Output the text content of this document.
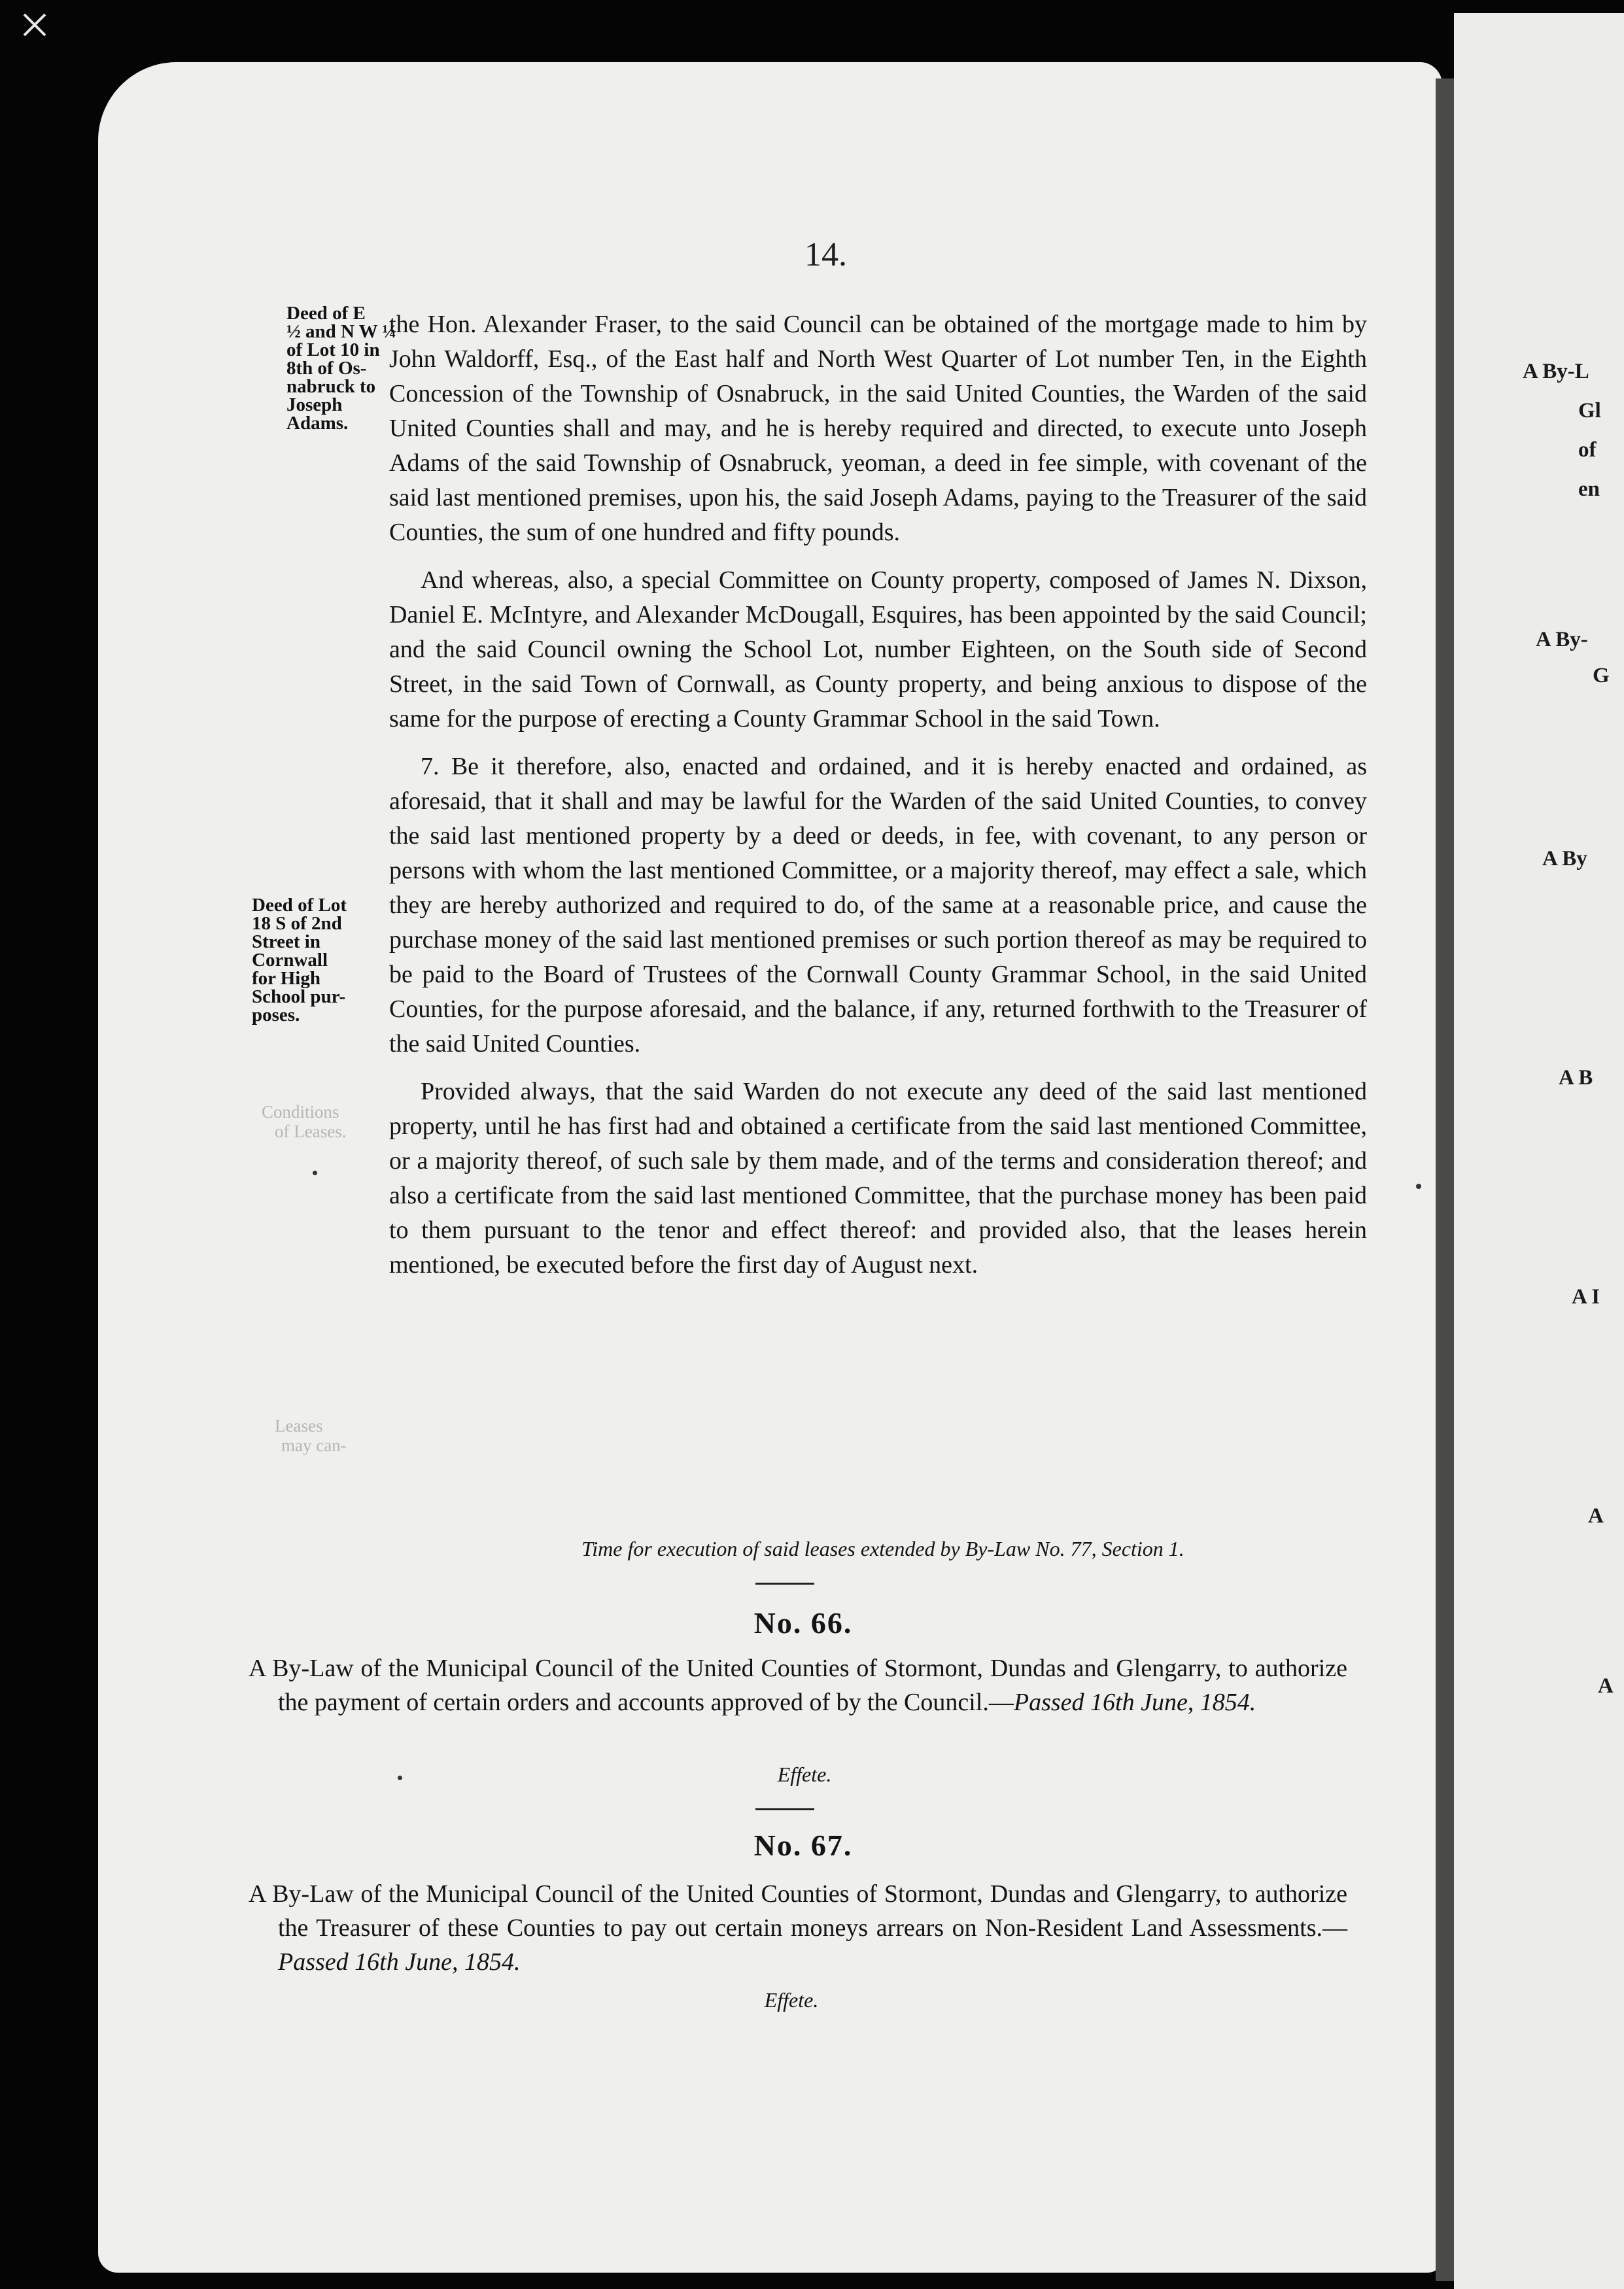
A By-L
Gl
of
en
A By-
G
A By
A B
A I
A
A
Conditions
of Leases.
Leases
may can-
14.
Deed of E
½ and N W ¼
of Lot 10 in
8th of Os-
nabruck to
Joseph
Adams.
Deed of Lot
18 S of 2nd
Street in
Cornwall
for High
School pur-
poses.

the Hon. Alexander Fraser, to the said Council can be obtained of the mortgage made to him by John Waldorff, Esq., of the East half and North West Quarter of Lot number Ten, in the Eighth Concession of the Township of Osnabruck, in the said United Counties, the Warden of the said United Counties shall and may, and he is hereby required and directed, to execute unto Joseph Adams of the said Township of Osnabruck, yeoman, a deed in fee simple, with covenant of the said last mentioned premises, upon his, the said Joseph Adams, paying to the Treasurer of the said Counties, the sum of one hundred and fifty pounds.

And whereas, also, a special Committee on County property, composed of James N. Dixson, Daniel E. McIntyre, and Alexander McDougall, Esquires, has been appointed by the said Council; and the said Council owning the School Lot, number Eighteen, on the South side of Second Street, in the said Town of Cornwall, as County property, and being anxious to dispose of the same for the purpose of erecting a County Grammar School in the said Town.

7. Be it therefore, also, enacted and ordained, and it is hereby enacted and ordained, as aforesaid, that it shall and may be lawful for the Warden of the said United Counties, to convey the said last mentioned property by a deed or deeds, in fee, with covenant, to any person or persons with whom the last mentioned Committee, or a majority thereof, may effect a sale, which they are hereby authorized and required to do, of the same at a reasonable price, and cause the purchase money of the said last mentioned premises or such portion thereof as may be required to be paid to the Board of Trustees of the Cornwall County Grammar School, in the said United Counties, for the purpose aforesaid, and the balance, if any, returned forthwith to the Treasurer of the said United Counties.

Provided always, that the said Warden do not execute any deed of the said last mentioned property, until he has first had and obtained a certificate from the said last mentioned Committee, or a majority thereof, of such sale by them made, and of the terms and consideration thereof; and also a certificate from the said last mentioned Committee, that the purchase money has been paid to them pursuant to the tenor and effect thereof: and provided also, that the leases herein mentioned, be executed before the first day of August next.

Time for execution of said leases extended by By-Law No. 77, Section 1.
No. 66.
A By-Law of the Municipal Council of the United Counties of Stormont, Dundas and Glengarry, to authorize the payment of certain orders and accounts approved of by the Council.—Passed 16th June, 1854.
Effete.
No. 67.
A By-Law of the Municipal Council of the United Counties of Stormont, Dundas and Glengarry, to authorize the Treasurer of these Counties to pay out certain moneys arrears on Non-Resident Land Assessments.—Passed 16th June, 1854.
Effete.
